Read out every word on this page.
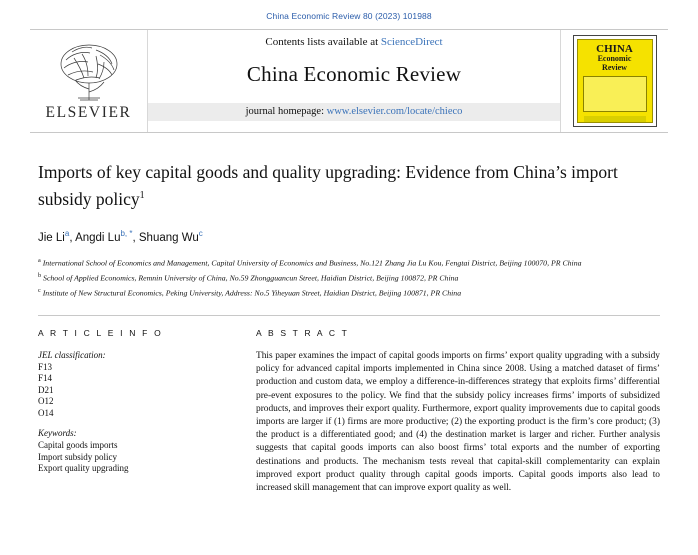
China Economic Review 80 (2023) 101988
ELSEVIER
Contents lists available at ScienceDirect
China Economic Review
journal homepage: www.elsevier.com/locate/chieco
CHINA
Economic
Review
Imports of key capital goods and quality upgrading: Evidence from China’s import subsidy policy$^1$
Jie Li$^a$, Angdi $Lu^{b, *}$, Shuang Wu$^c$
$^a$ International School of Economics and Management, Capital University of Economics and Business, No.121 Zhang Jia Lu Kou, Fengtai District, Beijing 100070, PR China
$^b$ School of Applied Economics, Remnin University of China, No.59 Zhongguancun Street, Haidian District, Beijing 100872, PR China
$^c$ Institute of New Structural Economics, Peking University, Address: No.5 Yiheyuan Street, Haidian District, Beijing 100871, PR China
A R T I C L E I N F O
JEL classification:
F13
F14
D21
O12
O14
Keywords:
Capital goods imports
Import subsidy policy
Export quality upgrading
A B S T R A C T

This paper examines the impact of capital goods imports on firms’ export quality upgrading with a subsidy policy for advanced capital imports implemented in China since 2008. Using a matched dataset of firms’ production and custom data, we employ a difference-in-differences strategy that exploits firms’ differential pre-event exposures to the policy. We find that the subsidy policy increases firms’ imports of subsidized products, and improves their export quality. Furthermore, export quality improvements due to capital goods imports are larger if (1) firms are more productive; (2) the exporting product is the firm’s core product; (3) the product is a differentiated good; and (4) the destination market is larger and richer. Further analysis suggests that capital goods imports can also boost firms’ total exports and the number of exporting destinations and products. The mechanism tests reveal that capital-skill complementarity can explain improved export product quality through capital goods imports. Capital goods imports also lead to increased skill management that can improve export quality as well.
